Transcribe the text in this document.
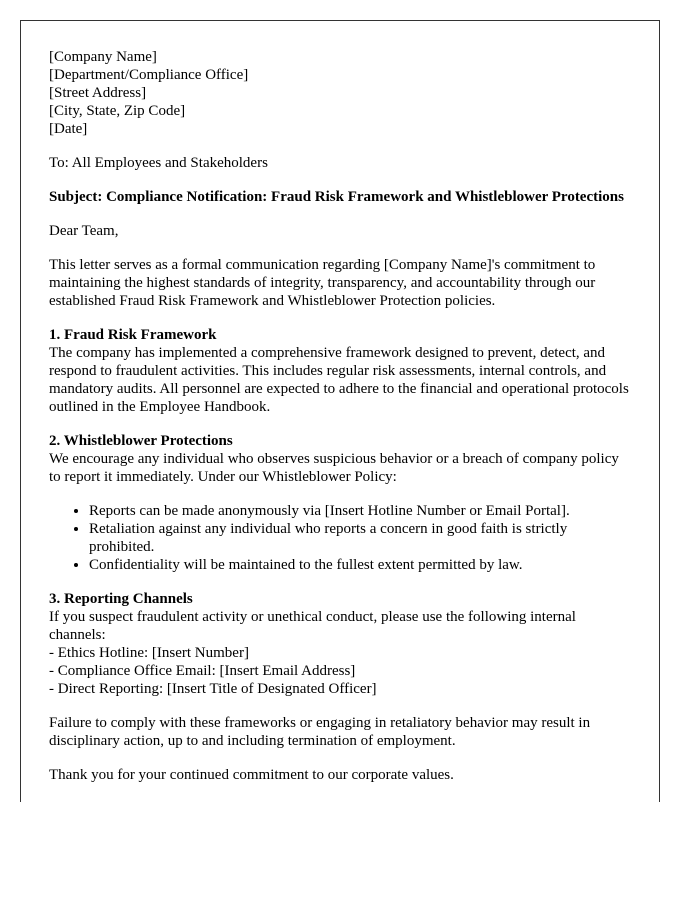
[Company Name]
[Department/Compliance Office]
[Street Address]
[City, State, Zip Code]
[Date]

To: All Employees and Stakeholders

Subject: Compliance Notification: Fraud Risk Framework and Whistleblower Protections

Dear Team,

This letter serves as a formal communication regarding [Company Name]'s commitment to maintaining the highest standards of integrity, transparency, and accountability through our established Fraud Risk Framework and Whistleblower Protection policies.

1. Fraud Risk Framework

The company has implemented a comprehensive framework designed to prevent, detect, and respond to fraudulent activities. This includes regular risk assessments, internal controls, and mandatory audits. All personnel are expected to adhere to the financial and operational protocols outlined in the Employee Handbook.

2. Whistleblower Protections

We encourage any individual who observes suspicious behavior or a breach of company policy to report it immediately. Under our Whistleblower Policy:

• Reports can be made anonymously via [Insert Hotline Number or Email Portal].
• Retaliation against any individual who reports a concern in good faith is strictly prohibited.
• Confidentiality will be maintained to the fullest extent permitted by law.
3. Reporting Channels

If you suspect fraudulent activity or unethical conduct, please use the following internal channels:

- Ethics Hotline: [Insert Number]
- Compliance Office Email: [Insert Email Address]
- Direct Reporting: [Insert Title of Designated Officer]

Failure to comply with these frameworks or engaging in retaliatory behavior may result in disciplinary action, up to and including termination of employment.

Thank you for your continued commitment to our corporate values.
